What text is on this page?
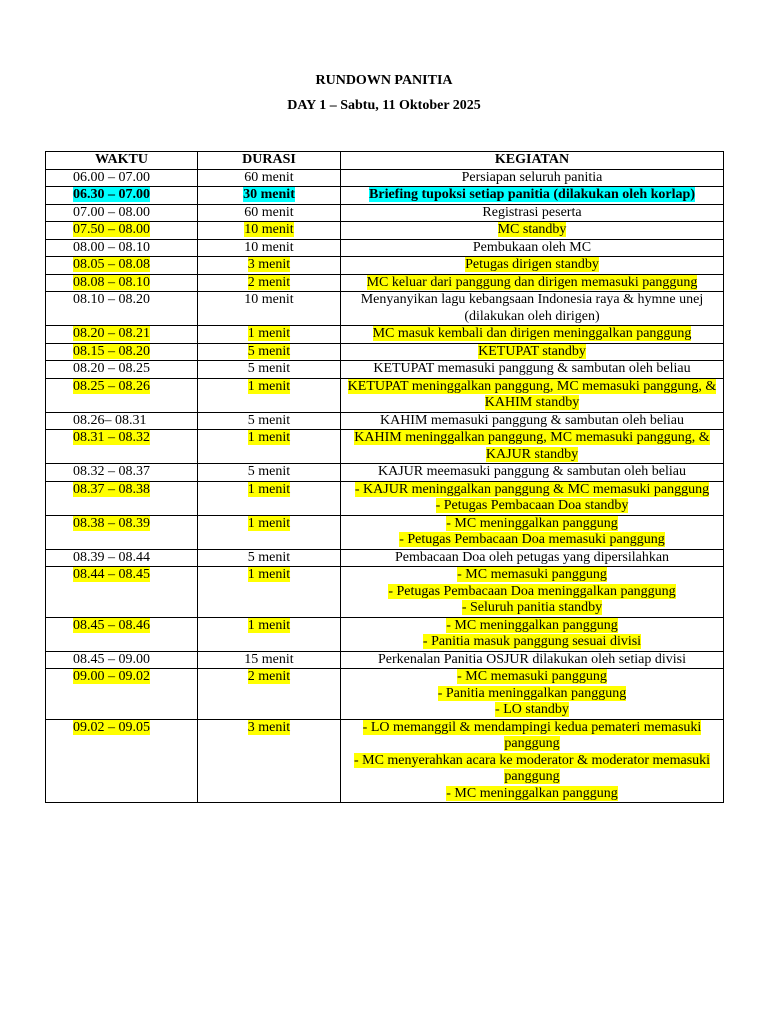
RUNDOWN PANITIA
DAY 1 – Sabtu, 11 Oktober 2025
WAKTU	DURASI	KEGIATAN
06.00 – 07.00	60 menit	Persiapan seluruh panitia

06.30 – 07.00	30 menit	Briefing tupoksi setiap panitia (dilakukan oleh korlap)

07.00 – 08.00	60 menit	Registrasi peserta

07.50 – 08.00	10 menit	MC standby

08.00 – 08.10	10 menit	Pembukaan oleh MC

08.05 – 08.08	3 menit	Petugas dirigen standby

08.08 – 08.10	2 menit	MC keluar dari panggung dan dirigen memasuki panggung

08.10 – 08.20	10 menit	Menyanyikan lagu kebangsaan Indonesia raya & hymne unej (dilakukan oleh dirigen)

08.20 – 08.21	1 menit	MC masuk kembali dan dirigen meninggalkan panggung

08.15 – 08.20	5 menit	KETUPAT standby

08.20 – 08.25	5 menit	KETUPAT memasuki panggung & sambutan oleh beliau

08.25 – 08.26	1 menit	KETUPAT meninggalkan panggung, MC memasuki panggung, & KAHIM standby

08.26– 08.31	5 menit	KAHIM memasuki panggung & sambutan oleh beliau

08.31 – 08.32	1 menit	KAHIM meninggalkan panggung, MC memasuki panggung, & KAJUR standby

08.32 – 08.37	5 menit	KAJUR meemasuki panggung & sambutan oleh beliau

08.37 – 08.38	1 menit	- KAJUR meninggalkan panggung & MC memasuki panggung
- Petugas Pembacaan Doa standby

08.38 – 08.39	1 menit	- MC meninggalkan panggung
- Petugas Pembacaan Doa memasuki panggung

08.39 – 08.44	5 menit	Pembacaan Doa oleh petugas yang dipersilahkan

08.44 – 08.45	1 menit	- MC memasuki panggung
- Petugas Pembacaan Doa meninggalkan panggung
- Seluruh panitia standby

08.45 – 08.46	1 menit	- MC meninggalkan panggung
- Panitia masuk panggung sesuai divisi

08.45 – 09.00	15 menit	Perkenalan Panitia OSJUR dilakukan oleh setiap divisi

09.00 – 09.02	2 menit	- MC memasuki panggung
- Panitia meninggalkan panggung
- LO standby

09.02 – 09.05	3 menit	- LO memanggil & mendampingi kedua pemateri memasuki panggung
- MC menyerahkan acara ke moderator & moderator memasuki panggung
- MC meninggalkan panggung
